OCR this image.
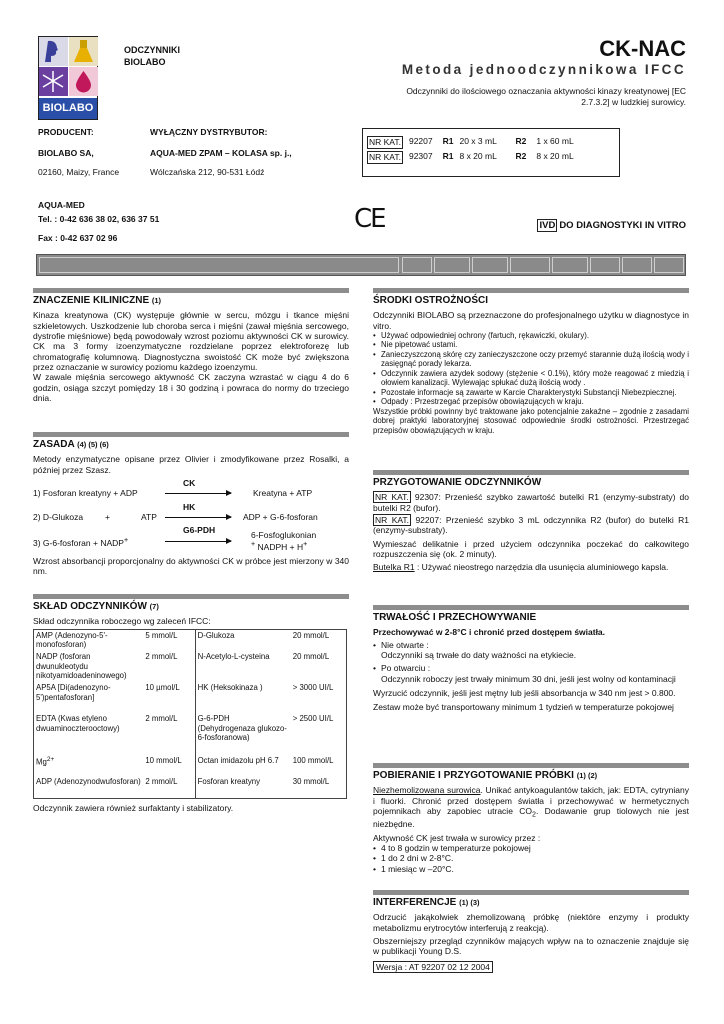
BIOLABO
ODCZYNNIKI
BIOLABO
CK-NAC
Metoda jednoodczynnikowa IFCC
Odczynniki do ilościowego oznaczania aktywności kinazy kreatynowej [EC 2.7.3.2] w ludzkiej surowicy.
PRODUCENT:
BIOLABO SA,
02160, Maizy, France
WYŁĄCZNY DYSTRYBUTOR:
AQUA-MED ZPAM – KOLASA sp. j.,
Wólczańska 212, 90-531 Łódź
AQUA-MED
Tel. : 0-42 636 38 02, 636 37 51
Fax : 0-42 637 02 96
NR KAT. 92207 R1 20 x 3 mL	R2 1 x 60 mL
NR KAT. 92307 R1 8 x 20 mL	R2 8 x 20 mL
CE	IVD DO DIAGNOSTYKI IN VITRO
ZNACZENIE KILINICZNE (1)
Kinaza kreatynowa (CK) występuje głównie w sercu, mózgu i tkance mięśni szkieletowych. Uszkodzenie lub choroba serca i mięśni (zawał mięśnia sercowego, dystrofie mięśniowe) będą powodowały wzrost poziomu aktywności CK w surowicy. CK ma 3 formy izoenzymatyczne rozdzielane poprzez elektroforezę lub chromatografię kolumnową. Diagnostyczna swoistość CK może być zwiększona przez oznaczanie w surowicy poziomu każdego izoenzymu.
W zawale mięśnia sercowego aktywność CK zaczyna wzrastać w ciągu 4 do 6 godzin, osiąga szczyt pomiędzy 18 i 30 godziną i powraca do normy do trzeciego dnia.
ZASADA (4) (5) (6)
Metody enzymatyczne opisane przez Olivier i zmodyfikowane przez Rosalki, a później przez Szasz.
CK
1) Fosforan kreatyny + ADP	Kreatyna + ATP
HK
2) D-Glukoza	+	ATP	ADP + G-6-fosforan
G6-PDH
3) G-6-fosforan + NADP+	6-Fosfoglukonian
+ NADPH + H+
Wzrost absorbancji proporcjonalny do aktywności CK w próbce jest mierzony w 340 nm.
SKŁAD ODCZYNNIKÓW (7)
Skład odczynnika roboczego wg zaleceń IFCC:
AMP (Adenozyno-5'-monofosforan)	5 mmol/L	D-Glukoza	20 mmol/L
NADP (fosforan dwunukleotydu nikotyamidoadeninowego)	2 mmol/L	N-Acetylo-L-cysteina	20 mmol/L
AP5A [Di(adenozyno-5')pentafosforan]	10 µmol/L	HK (Heksokinaza )	> 3000 UI/L
EDTA (Kwas etyleno dwuaminoczterooctowy)	2 mmol/L	G-6-PDH (Dehydrogenaza glukozo-6-fosforanowa)	> 2500 UI/L
$Mg^{2+}$	10 mmol/L	Octan imidazolu pH 6.7	100 mmol/L
ADP (Adenozynodwufosforan)	2 mmol/L	Fosforan kreatyny	30 mmol/L
Odczynnik zawiera również surfaktanty i stabilizatory.
ŚRODKI OSTROŻNOŚCI
Odczynniki BIOLABO są przeznaczone do profesjonalnego użytku w diagnostyce in vitro.
• Używać odpowiedniej ochrony (fartuch, rękawiczki, okulary).
• Nie pipetować ustami.
• Zanieczyszczoną skórę czy zanieczyszczone oczy przemyć starannie dużą ilością wody i zasięgnąć porady lekarza.
• Odczynnik zawiera azydek sodowy (stężenie < 0.1%), który może reagować z miedzią i ołowiem kanalizacji. Wylewając spłukać dużą ilością wody .
• Pozostałe informacje są zawarte w Karcie Charakterystyki Substancji Niebezpiecznej.
• Odpady : Przestrzegać przepisów obowiązujących w kraju.
Wszystkie próbki powinny być traktowane jako potencjalnie zakaźne – zgodnie z zasadami dobrej praktyki laboratoryjnej stosować odpowiednie środki ostrożności. Przestrzegać przepisów obowiązujących w kraju.
PRZYGOTOWANIE ODCZYNNIKÓW
NR KAT. 92307: Przenieść szybko zawartość butelki R1 (enzymy-substraty) do butelki R2 (bufor).
NR KAT. 92207: Przenieść szybko 3 mL odczynnika R2 (bufor) do butelki R1 (enzymy-substraty).
Wymieszać delikatnie i przed użyciem odczynnika poczekać do całkowitego rozpuszczenia się (ok. 2 minuty).
Butelka R1 : Używać nieostrego narzędzia dla usunięcia aluminiowego kapsla.
TRWAŁOŚĆ I PRZECHOWYWANIE
Przechowywać w 2-8°C i chronić przed dostępem światła.
• Nie otwarte :
Odczynniki są trwałe do daty ważności na etykiecie.
• Po otwarciu :
Odczynnik roboczy jest trwały minimum 30 dni, jeśli jest wolny od kontaminacji
Wyrzucić odczynnik, jeśli jest mętny lub jeśli absorbancja w 340 nm jest > 0.800.
Zestaw może być transportowany minimum 1 tydzień w temperaturze pokojowej
POBIERANIE I PRZYGOTOWANIE PRÓBKI (1) (2)
Niezhemolizowana surowica. Unikać antykoagulantów takich, jak: EDTA, cytryniany i fluorki. Chronić przed dostępem światła i przechowywać w hermetycznych pojemnikach aby zapobiec utracie $CO_2$. Dodawanie grup tiolowych nie jest niezbędne.
Aktywność CK jest trwała w surowicy przez :
• 4 to 8 godzin w temperaturze pokojowej
• 1 do 2 dni w 2-8°C.
• 1 miesiąc w –20°C.
INTERFERENCJE (1) (3)
Odrzucić jakąkolwiek zhemolizowaną próbkę (niektóre enzymy i produkty metabolizmu erytrocytów interferują z reakcją).
Obszerniejszy przegląd czynników mających wpływ na to oznaczenie znajduje się w publikacji Young D.S.
Wersja : AT 92207 02 12 2004
